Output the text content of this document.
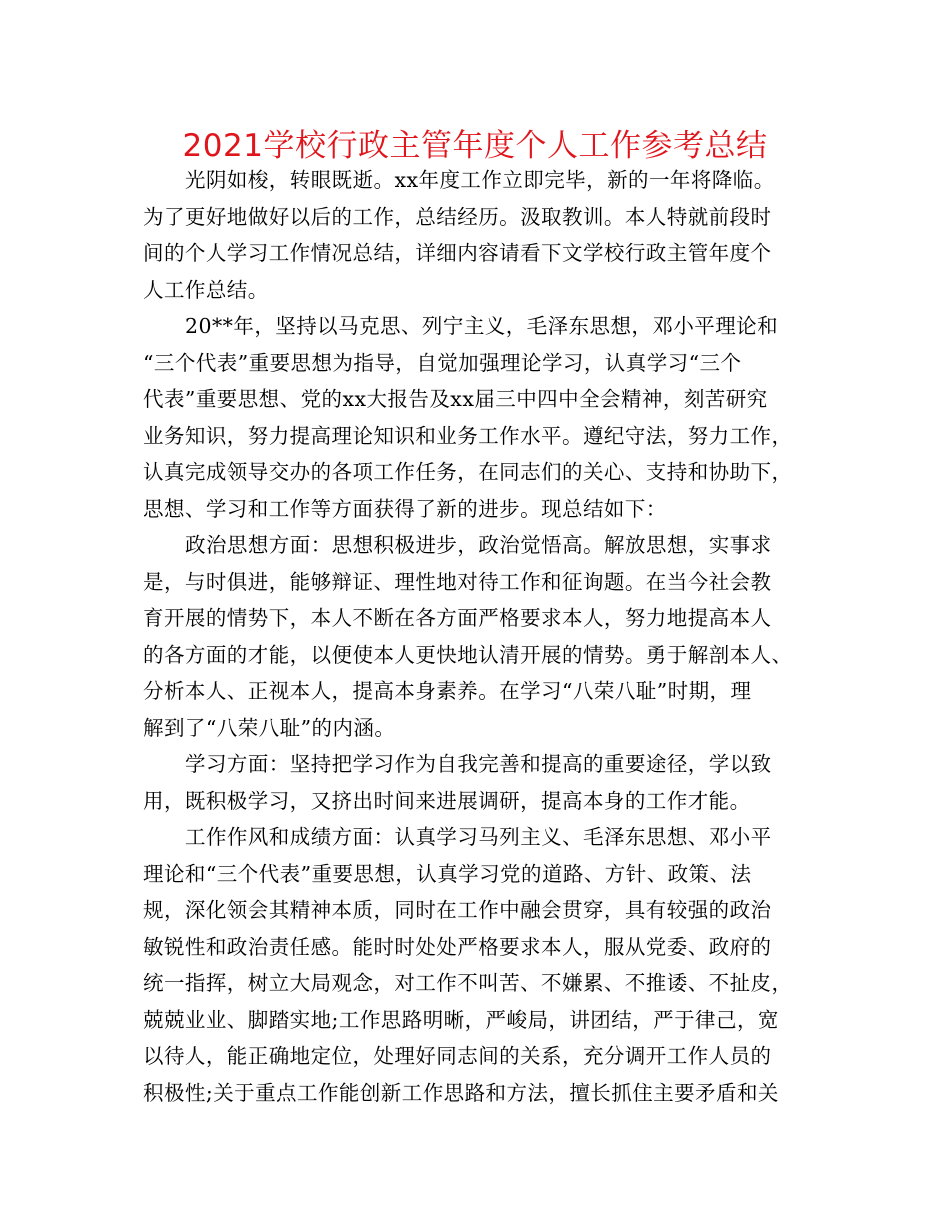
2021学校行政主管年度个人工作参考总结
光阴如梭，转眼既逝。xx年度工作立即完毕，新的一年将降临。
为了更好地做好以后的工作，总结经历。汲取教训。本人特就前段时
间的个人学习工作情况总结，详细内容请看下文学校行政主管年度个
人工作总结。
20**年，坚持以马克思、列宁主义，毛泽东思想，邓小平理论和
“三个代表”重要思想为指导，自觉加强理论学习，认真学习“三个
代表”重要思想、党的xx大报告及xx届三中四中全会精神，刻苦研究
业务知识，努力提高理论知识和业务工作水平。遵纪守法，努力工作，
认真完成领导交办的各项工作任务，在同志们的关心、支持和协助下，
思想、学习和工作等方面获得了新的进步。现总结如下：
政治思想方面：思想积极进步，政治觉悟高。解放思想，实事求
是，与时俱进，能够辩证、理性地对待工作和征询题。在当今社会教
育开展的情势下，本人不断在各方面严格要求本人，努力地提高本人
的各方面的才能，以便使本人更快地认清开展的情势。勇于解剖本人、
分析本人、正视本人，提高本身素养。在学习“八荣八耻”时期，理
解到了“八荣八耻”的内涵。
学习方面：坚持把学习作为自我完善和提高的重要途径，学以致
用，既积极学习，又挤出时间来进展调研，提高本身的工作才能。
工作作风和成绩方面：认真学习马列主义、毛泽东思想、邓小平
理论和“三个代表”重要思想，认真学习党的道路、方针、政策、法
规，深化领会其精神本质，同时在工作中融会贯穿，具有较强的政治
敏锐性和政治责任感。能时时处处严格要求本人，服从党委、政府的
统一指挥，树立大局观念，对工作不叫苦、不嫌累、不推诿、不扯皮，
兢兢业业、脚踏实地;工作思路明晰，严峻局，讲团结，严于律己，宽
以待人，能正确地定位，处理好同志间的关系，充分调开工作人员的
积极性;关于重点工作能创新工作思路和方法，擅长抓住主要矛盾和关
